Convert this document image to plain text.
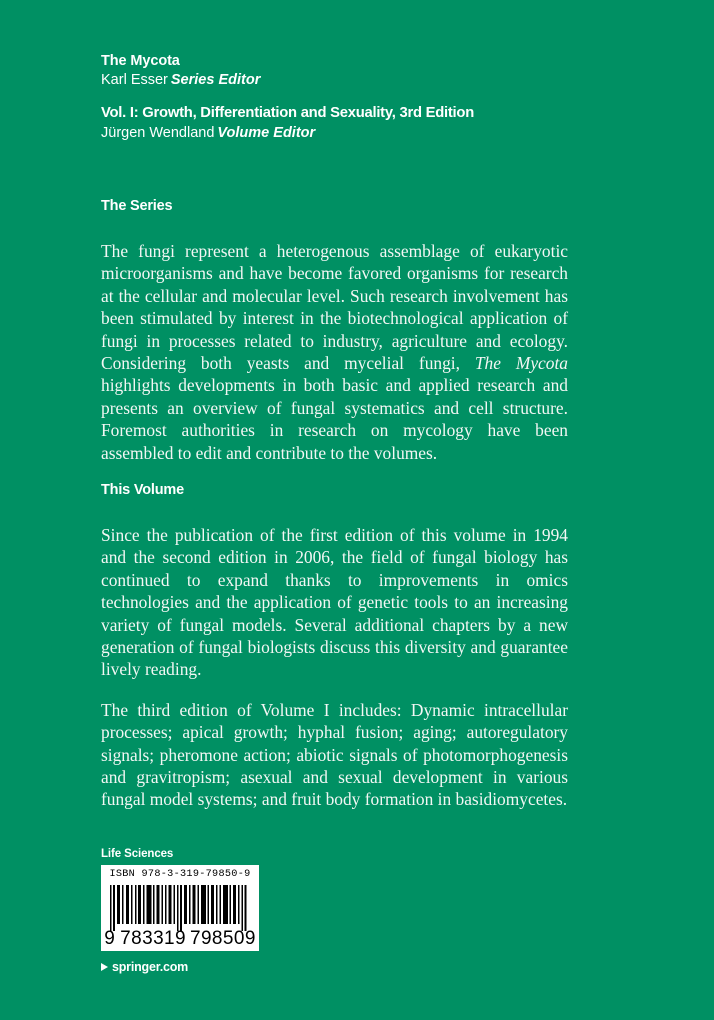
The Mycota
Karl Esser Series Editor
Vol. I: Growth, Differentiation and Sexuality, 3rd Edition
Jürgen Wendland Volume Editor
The Series

The fungi represent a heterogenous assemblage of eukaryotic microorganisms and have become favored organisms for research at the cellular and molecular level. Such research involvement has been stimulated by interest in the biotechnological application of fungi in processes related to industry, agriculture and ecology. Considering both yeasts and mycelial fungi, The Mycota highlights developments in both basic and applied research and presents an overview of fungal systematics and cell structure. Foremost authorities in research on mycology have been assembled to edit and contribute to the volumes.

This Volume

Since the publication of the first edition of this volume in 1994 and the second edition in 2006, the field of fungal biology has continued to expand thanks to improvements in omics technologies and the application of genetic tools to an increasing variety of fungal models. Several additional chapters by a new generation of fungal biologists discuss this diversity and guarantee lively reading.

The third edition of Volume I includes: Dynamic intracellular processes; apical growth; hyphal fusion; aging; autoregulatory signals; pheromone action; abiotic signals of photomorphogenesis and gravitropism; asexual and sexual development in various fungal model systems; and fruit body formation in basidiomycetes.

Life Sciences
ISBN 978-3-319-79850-9
9 783319 798509
springer.com
